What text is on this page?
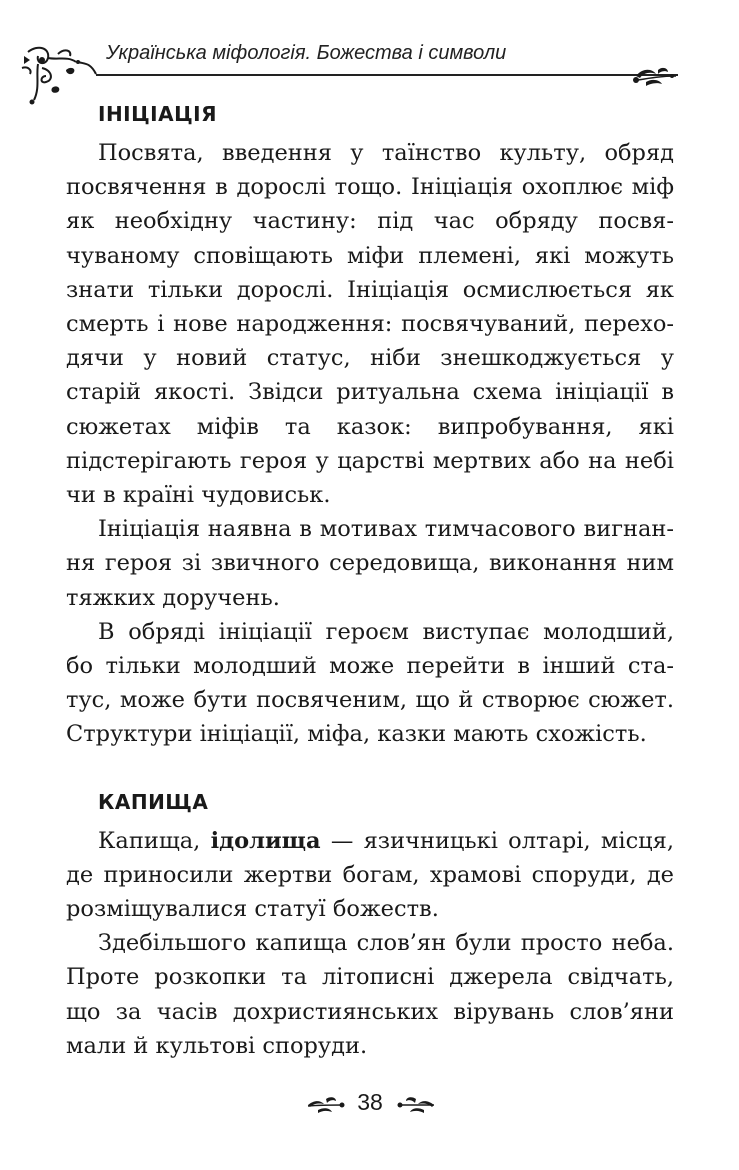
Українська міфологія. Божества і символи
ІНІЦІАЦІЯ

Посвята, введення у таїнство культу, обряд посвячення в дорослі тощо. Ініціація охоплює міф як необхідну частину: під час обряду посвячуваному сповіщають міфи племені, які можуть знати тільки дорослі. Ініціація осмислюється як смерть і нове народження: посвячуваний, переходячи у новий статус, ніби знешкоджується у старій якості. Звідси ритуальна схема ініціації в сюжетах міфів та казок: випробування, які підстерігають героя у царстві мертвих або на небі чи в країні чудовиськ.

Ініціація наявна в мотивах тимчасового вигнання героя зі звичного середовища, виконання ним тяжких доручень.

В обряді ініціації героєм виступає молодший, бо тільки молодший може перейти в інший статус, може бути посвяченим, що й створює сюжет. Структури ініціації, міфа, казки мають схожість.

КАПИЩА

Капища, ідолища — язичницькі олтарі, місця, де приносили жертви богам, храмові споруди, де розміщувалися статуї божеств.

Здебільшого капища слов’ян були просто неба. Проте розкопки та літописні джерела свідчать, що за часів дохристиянських вірувань слов’яни мали й культові споруди.

38
